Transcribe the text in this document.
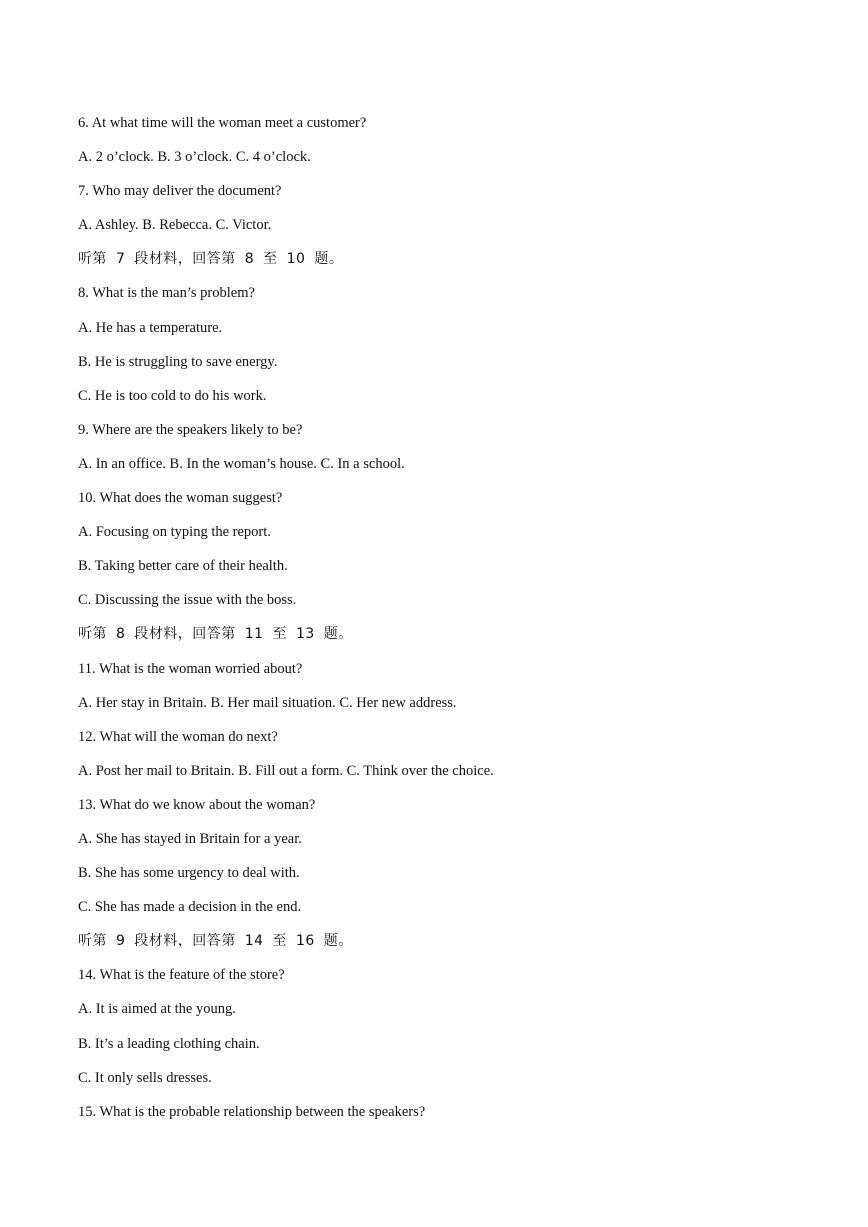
6. At what time will the woman meet a customer?
A. 2 o’clock. B. 3 o’clock. C. 4 o’clock.
7. Who may deliver the document?
A. Ashley. B. Rebecca. C. Victor.
听第 7 段材料，回答第 8 至 10 题。
8. What is the man’s problem?
A. He has a temperature.
B. He is struggling to save energy.
C. He is too cold to do his work.
9. Where are the speakers likely to be?
A. In an office. B. In the woman’s house. C. In a school.
10. What does the woman suggest?
A. Focusing on typing the report.
B. Taking better care of their health.
C. Discussing the issue with the boss.
听第 8 段材料，回答第 11 至 13 题。
11. What is the woman worried about?
A. Her stay in Britain. B. Her mail situation. C. Her new address.
12. What will the woman do next?
A. Post her mail to Britain. B. Fill out a form. C. Think over the choice.
13. What do we know about the woman?
A. She has stayed in Britain for a year.
B. She has some urgency to deal with.
C. She has made a decision in the end.
听第 9 段材料，回答第 14 至 16 题。
14. What is the feature of the store?
A. It is aimed at the young.
B. It’s a leading clothing chain.
C. It only sells dresses.
15. What is the probable relationship between the speakers?
